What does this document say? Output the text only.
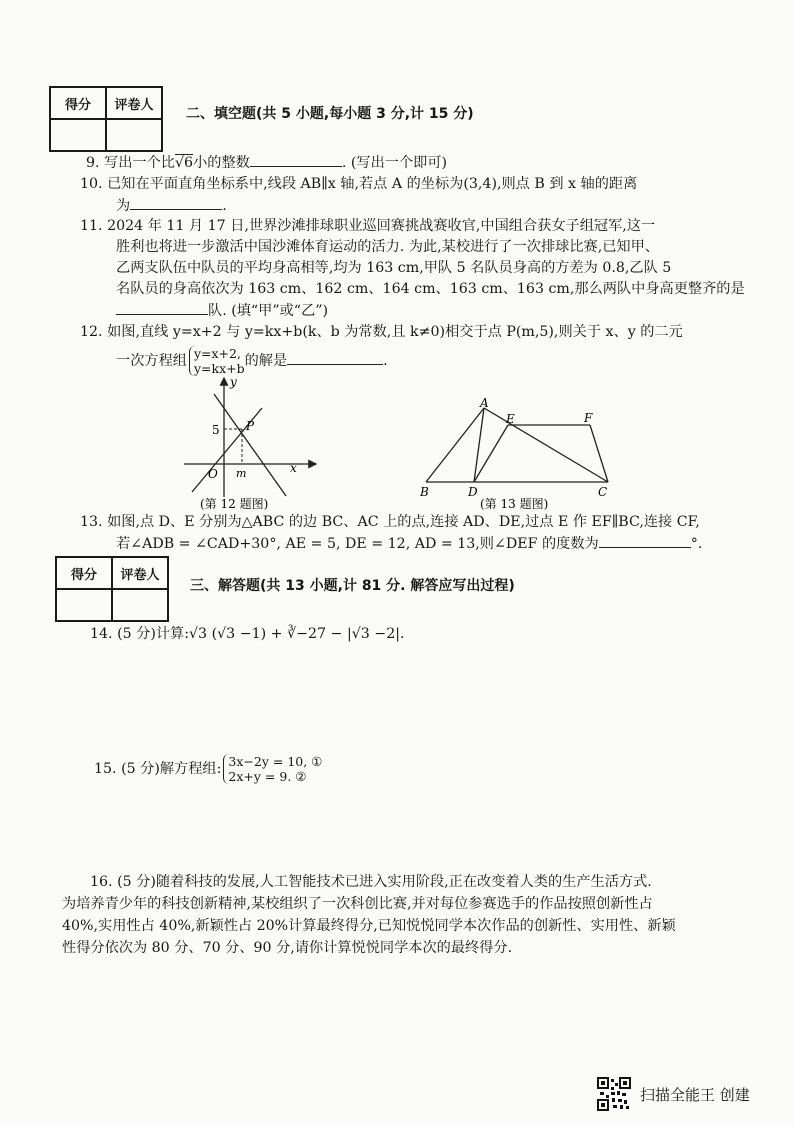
得分	评卷人

二、填空题(共 5 小题,每小题 3 分,计 15 分)
9. 写出一个比√6小的整数	. (写出一个即可)
10. 已知在平面直角坐标系中,线段 AB∥x 轴,若点 A 的坐标为(3,4),则点 B 到 x 轴的距离
为	.
11. 2024 年 11 月 17 日,世界沙滩排球职业巡回赛挑战赛收官,中国组合获女子组冠军,这一
胜利也将进一步激活中国沙滩体育运动的活力. 为此,某校进行了一次排球比赛,已知甲、
乙两支队伍中队员的平均身高相等,均为 163 cm,甲队 5 名队员身高的方差为 0.8,乙队 5
名队员的身高依次为 163 cm、162 cm、164 cm、163 cm、163 cm,那么两队中身高更整齐的是
队. (填“甲”或“乙”)
12. 如图,直线 y=x+2 与 y=kx+b(k、b 为常数,且 k≠0)相交于点 P(m,5),则关于 x、y 的二元
一次方程组 y=x+2,
y=kx+b的解是	.
y
x
O
5
m
P
(第 12 题图)
A
E	F
B	D	C
(第 13 题图)
13. 如图,点 D、E 分别为△ABC 的边 BC、AC 上的点,连接 AD、DE,过点 E 作 EF∥BC,连接 CF,
若∠ADB = ∠CAD+30°, AE = 5, DE = 12, AD = 13,则∠DEF 的度数为	°.
得分	评卷人

三、解答题(共 13 小题,计 81 分. 解答应写出过程)
14. (5 分)计算:√3 (√3 −1) + ∛−27 − |√3 −2|.
15. (5 分)解方程组: 3x−2y = 10, ①
2x+y = 9. ②
16. (5 分)随着科技的发展,人工智能技术已进入实用阶段,正在改变着人类的生产生活方式.
为培养青少年的科技创新精神,某校组织了一次科创比赛,并对每位参赛选手的作品按照创新性占
40%,实用性占 40%,新颖性占 20%计算最终得分,已知悦悦同学本次作品的创新性、实用性、新颖
性得分依次为 80 分、70 分、90 分,请你计算悦悦同学本次的最终得分.
扫描全能王 创建
